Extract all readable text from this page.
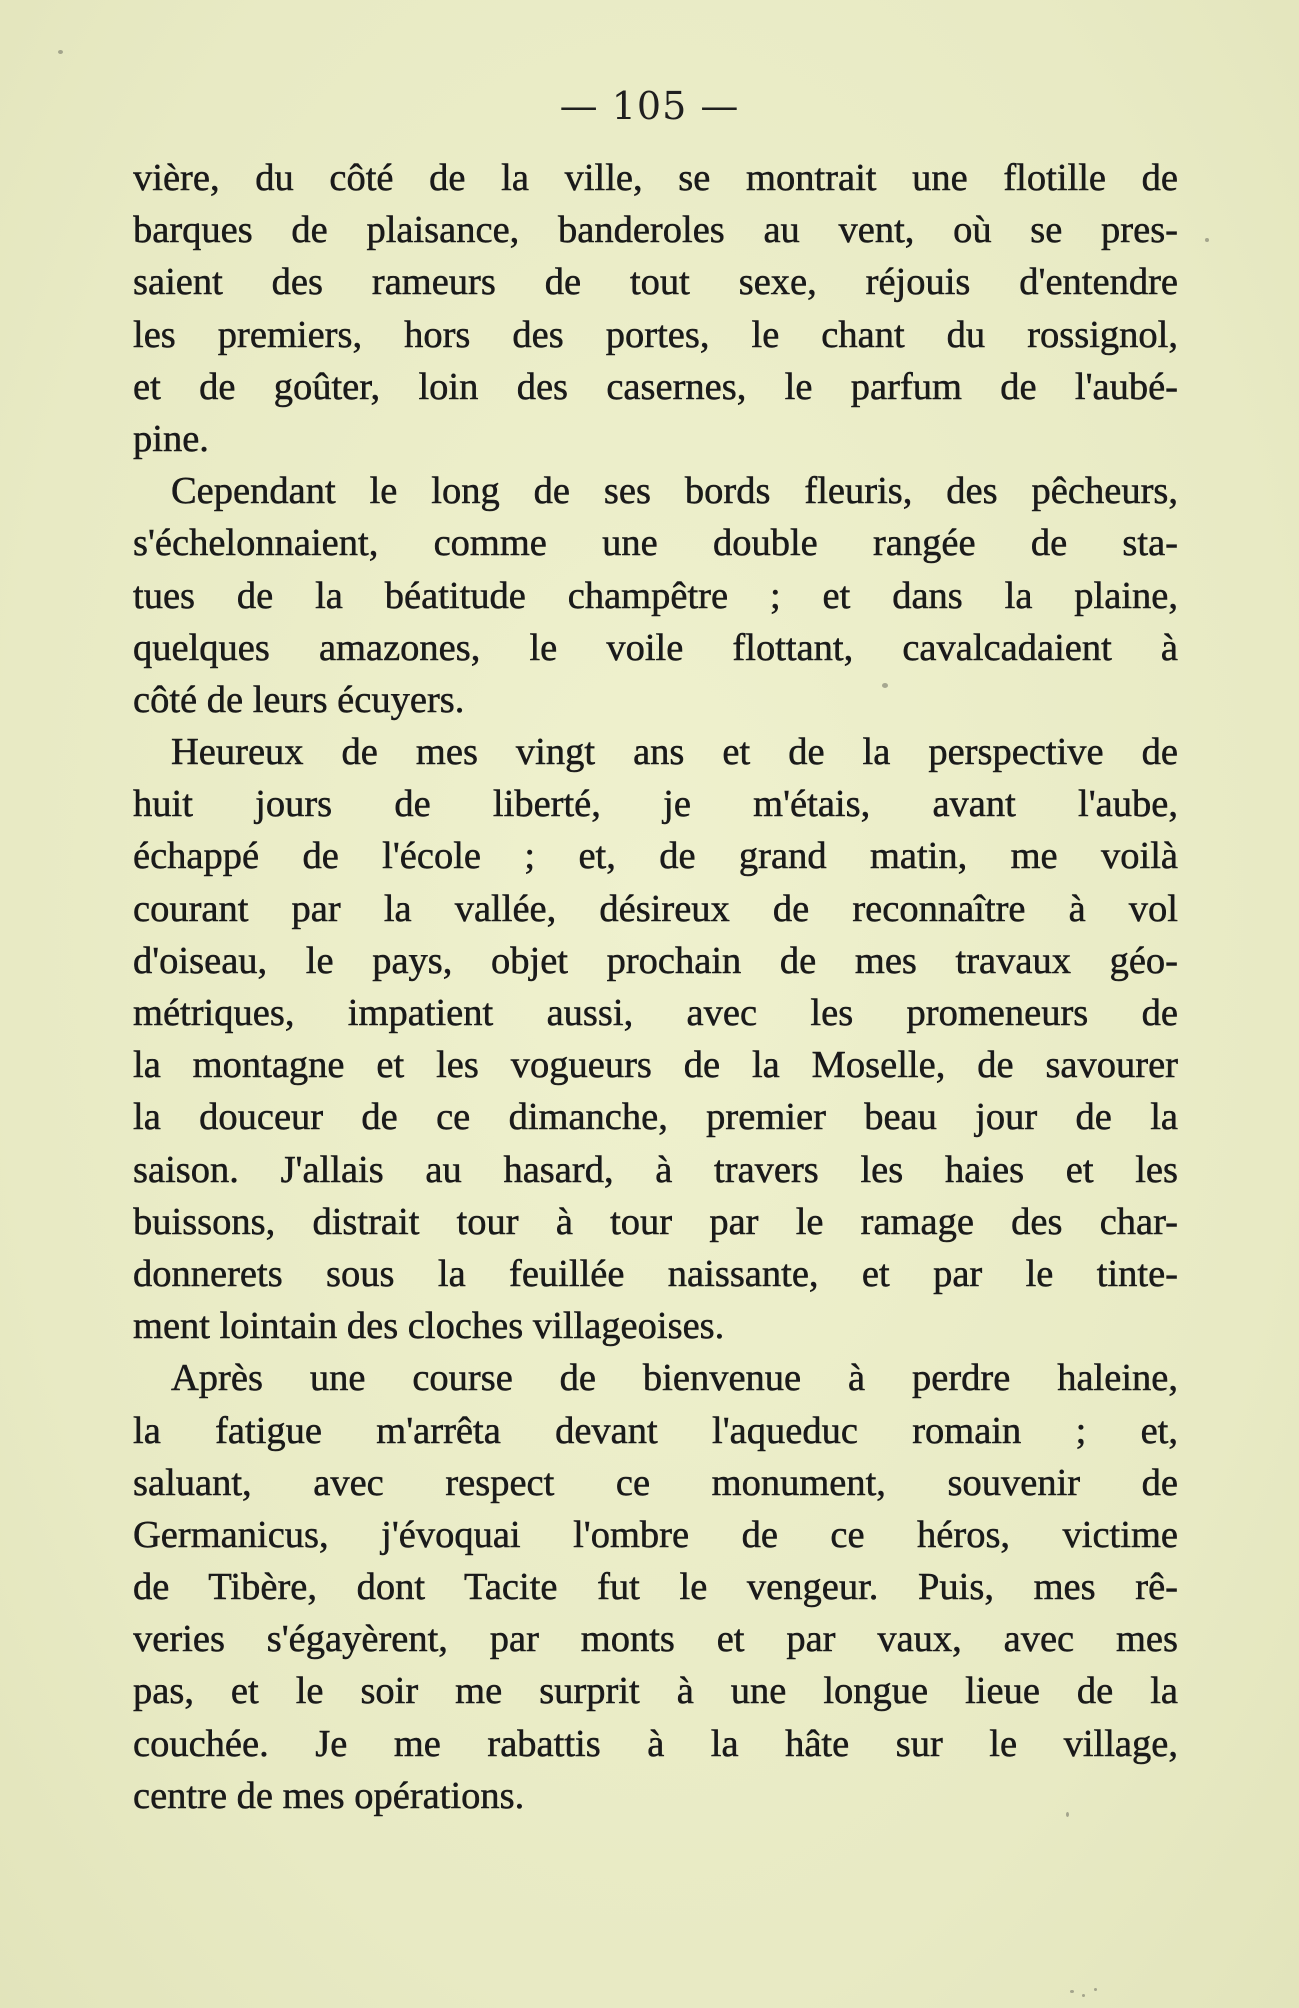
— 105 —
vière, du côté de la ville, se montrait une flotille de
barques de plaisance, banderoles au vent, où se pres-
saient des rameurs de tout sexe, réjouis d'entendre
les premiers, hors des portes, le chant du rossignol,
et de goûter, loin des casernes, le parfum de l'aubé-
pine.
Cependant le long de ses bords fleuris, des pêcheurs,
s'échelonnaient, comme une double rangée de sta-
tues de la béatitude champêtre ; et dans la plaine,
quelques amazones, le voile flottant, cavalcadaient à
côté de leurs écuyers.
Heureux de mes vingt ans et de la perspective de
huit jours de liberté, je m'étais, avant l'aube,
échappé de l'école ; et, de grand matin, me voilà
courant par la vallée, désireux de reconnaître à vol
d'oiseau, le pays, objet prochain de mes travaux géo-
métriques, impatient aussi, avec les promeneurs de
la montagne et les vogueurs de la Moselle, de savourer
la douceur de ce dimanche, premier beau jour de la
saison. J'allais au hasard, à travers les haies et les
buissons, distrait tour à tour par le ramage des char-
donnerets sous la feuillée naissante, et par le tinte-
ment lointain des cloches villageoises.
Après une course de bienvenue à perdre haleine,
la fatigue m'arrêta devant l'aqueduc romain ; et,
saluant, avec respect ce monument, souvenir de
Germanicus, j'évoquai l'ombre de ce héros, victime
de Tibère, dont Tacite fut le vengeur. Puis, mes rê-
veries s'égayèrent, par monts et par vaux, avec mes
pas, et le soir me surprit à une longue lieue de la
couchée. Je me rabattis à la hâte sur le village,
centre de mes opérations.
